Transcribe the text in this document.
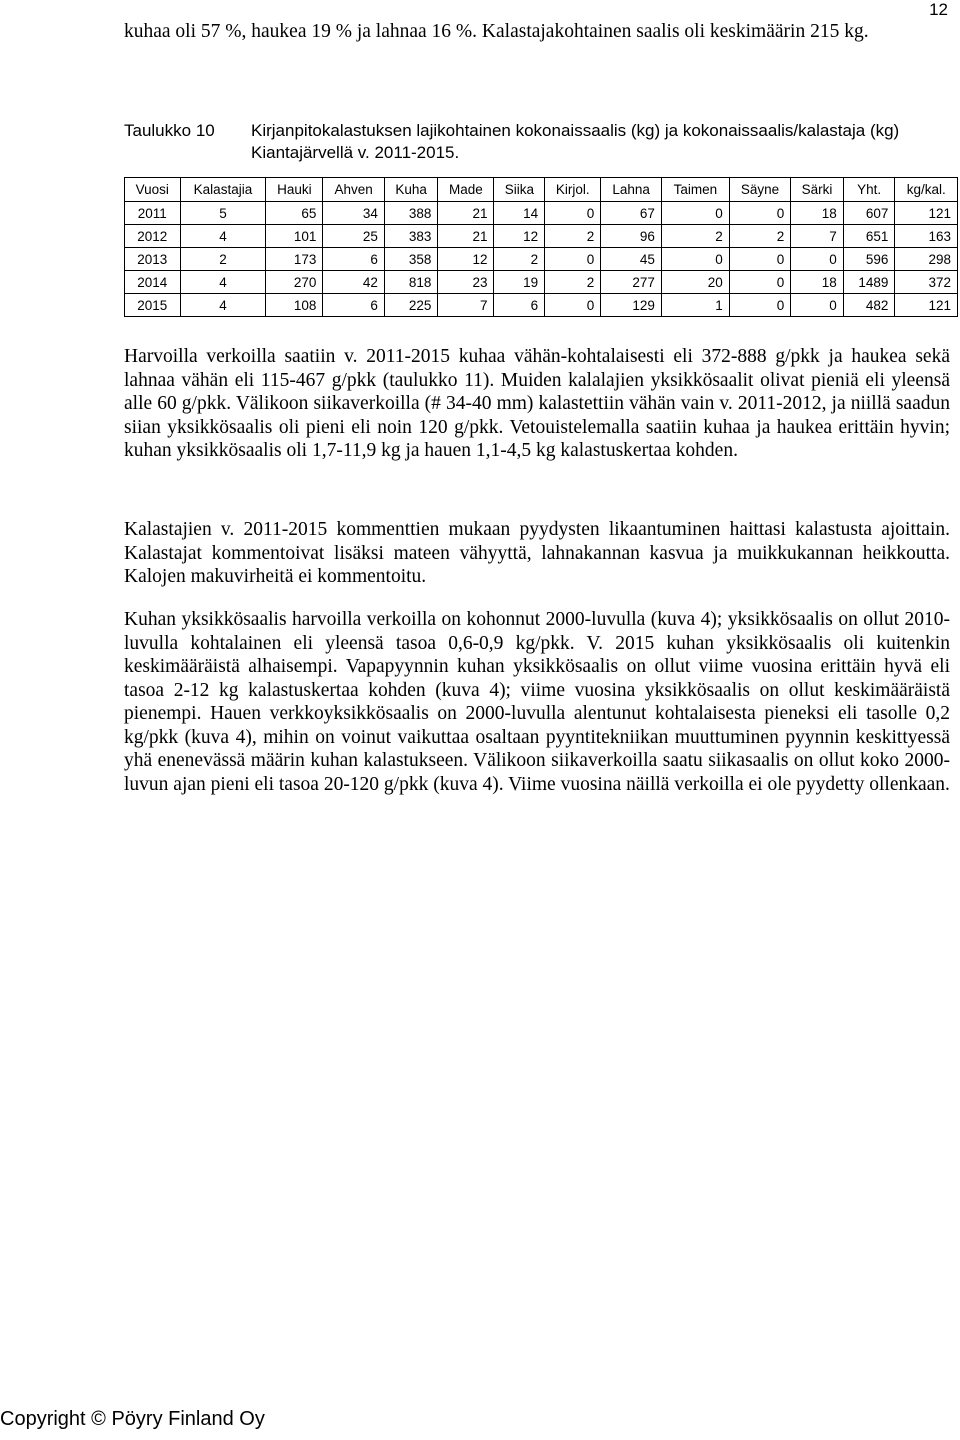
12
kuhaa oli 57 %, haukea 19 % ja lahnaa 16 %. Kalastajakohtainen saalis oli keskimäärin 215 kg.
Taulukko 10	Kirjanpitokalastuksen lajikohtainen kokonaissaalis (kg) ja kokonaissaalis/kalastaja (kg) Kiantajärvellä v. 2011-2015.
Vuosi	Kalastajia	Hauki	Ahven	Kuha	Made	Siika	Kirjol.	Lahna	Taimen	Säyne	Särki	Yht.	kg/kal.
2011	5	65	34	388	21	14	0	67	0	0	18	607	121
2012	4	101	25	383	21	12	2	96	2	2	7	651	163
2013	2	173	6	358	12	2	0	45	0	0	0	596	298
2014	4	270	42	818	23	19	2	277	20	0	18	1489	372
2015	4	108	6	225	7	6	0	129	1	0	0	482	121
Harvoilla verkoilla saatiin v. 2011-2015 kuhaa vähän-kohtalaisesti eli 372-888 g/pkk ja haukea sekä lahnaa vähän eli 115-467 g/pkk (taulukko 11). Muiden kalalajien yksikkösaalit olivat pieniä eli yleensä alle 60 g/pkk. Välikoon siikaverkoilla (# 34-40 mm) kalastettiin vähän vain v. 2011-2012, ja niillä saadun siian yksikkösaalis oli pieni eli noin 120 g/pkk. Vetouistelemalla saatiin kuhaa ja haukea erittäin hyvin; kuhan yksikkösaalis oli 1,7-11,9 kg ja hauen 1,1-4,5 kg kalastuskertaa kohden.
Kalastajien v. 2011-2015 kommenttien mukaan pyydysten likaantuminen haittasi kalastusta ajoittain. Kalastajat kommentoivat lisäksi mateen vähyyttä, lahnakannan kasvua ja muikkukannan heikkoutta. Kalojen makuvirheitä ei kommentoitu.
Kuhan yksikkösaalis harvoilla verkoilla on kohonnut 2000-luvulla (kuva 4); yksikkösaalis on ollut 2010-luvulla kohtalainen eli yleensä tasoa 0,6-0,9 kg/pkk. V. 2015 kuhan yksikkösaalis oli kuitenkin keskimääräistä alhaisempi. Vapapyynnin kuhan yksikkösaalis on ollut viime vuosina erittäin hyvä eli tasoa 2-12 kg kalastuskertaa kohden (kuva 4); viime vuosina yksikkösaalis on ollut keskimääräistä pienempi. Hauen verkkoyksikkösaalis on 2000-luvulla alentunut kohtalaisesta pieneksi eli tasolle 0,2 kg/pkk (kuva 4), mihin on voinut vaikuttaa osaltaan pyyntitekniikan muuttuminen pyynnin keskittyessä yhä enenevässä määrin kuhan kalastukseen. Välikoon siikaverkoilla saatu siikasaalis on ollut koko 2000-luvun ajan pieni eli tasoa 20-120 g/pkk (kuva 4). Viime vuosina näillä verkoilla ei ole pyydetty ollenkaan.
Copyright © Pöyry Finland Oy
